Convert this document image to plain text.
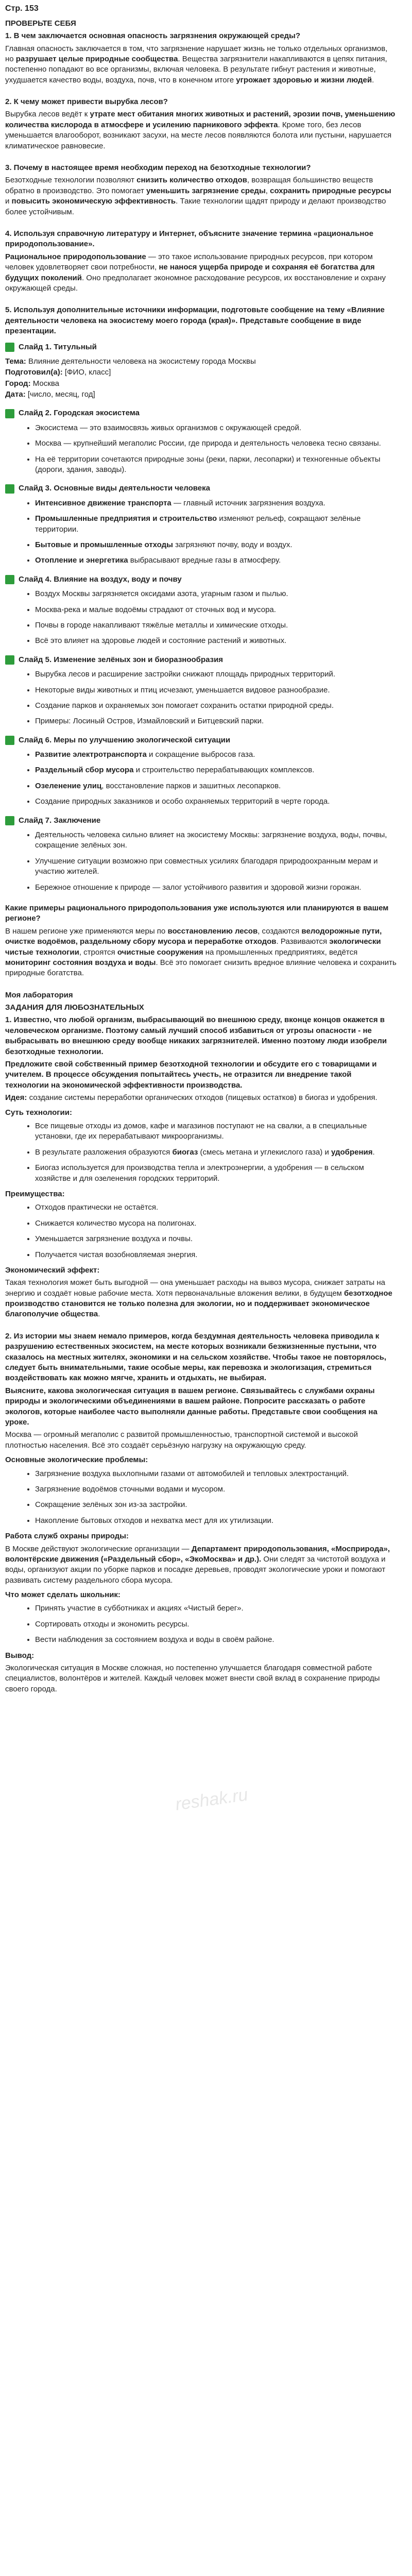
Стр. 153
ПРОВЕРЬТЕ СЕБЯ
1. В чем заключается основная опасность загрязнения окружающей среды?
Главная опасность заключается в том, что загрязнение нарушает жизнь не только отдельных организмов, но разрушает целые природные сообщества. Вещества загрязнители накапливаются в цепях питания, постепенно попадают во все организмы, включая человека. В результате гибнут растения и животные, ухудшается качество воды, воздуха, почв, что в конечном итоге угрожает здоровью и жизни людей.
2. К чему может привести вырубка лесов?
Вырубка лесов ведёт к утрате мест обитания многих животных и растений, эрозии почв, уменьшению количества кислорода в атмосфере и усилению парникового эффекта. Кроме того, без лесов уменьшается влагооборот, возникают засухи, на месте лесов появляются болота или пустыни, нарушается климатическое равновесие.
3. Почему в настоящее время необходим переход на безотходные технологии?
Безотходные технологии позволяют снизить количество отходов, возвращая большинство веществ обратно в производство. Это помогает уменьшить загрязнение среды, сохранить природные ресурсы и повысить экономическую эффективность. Такие технологии щадят природу и делают производство более устойчивым.
4. Используя справочную литературу и Интернет, объясните значение термина «рациональное природопользование».
Рациональное природопользование — это такое использование природных ресурсов, при котором человек удовлетворяет свои потребности, не нанося ущерба природе и сохраняя её богатства для будущих поколений. Оно предполагает экономное расходование ресурсов, их восстановление и охрану окружающей среды.
5. Используя дополнительные источники информации, подготовьте сообщение на тему «Влияние деятельности человека на экосистему моего города (края)». Представьте сообщение в виде презентации.
Слайд 1. Титульный
Тема: Влияние деятельности человека на экосистему города Москвы
Подготовил(а): [ФИО, класс]
Город: Москва
Дата: [число, месяц, год]
Слайд 2. Городская экосистема
• Экосистема — это взаимосвязь живых организмов с окружающей средой.
• Москва — крупнейший мегаполис России, где природа и деятельность человека тесно связаны.
• На её территории сочетаются природные зоны (реки, парки, лесопарки) и техногенные объекты (дороги, здания, заводы).
Слайд 3. Основные виды деятельности человека
• Интенсивное движение транспорта — главный источник загрязнения воздуха.
• Промышленные предприятия и строительство изменяют рельеф, сокращают зелёные территории.
• Бытовые и промышленные отходы загрязняют почву, воду и воздух.
• Отопление и энергетика выбрасывают вредные газы в атмосферу.
Слайд 4. Влияние на воздух, воду и почву
• Воздух Москвы загрязняется оксидами азота, угарным газом и пылью.
• Москва-река и малые водоёмы страдают от сточных вод и мусора.
• Почвы в городе накапливают тяжёлые металлы и химические отходы.
• Всё это влияет на здоровье людей и состояние растений и животных.
Слайд 5. Изменение зелёных зон и биоразнообразия
• Вырубка лесов и расширение застройки снижают площадь природных территорий.
• Некоторые виды животных и птиц исчезают, уменьшается видовое разнообразие.
• Создание парков и охраняемых зон помогает сохранить остатки природной среды.
• Примеры: Лосиный Остров, Измайловский и Битцевский парки.
Слайд 6. Меры по улучшению экологической ситуации
• Развитие электротранспорта и сокращение выбросов газа.
• Раздельный сбор мусора и строительство перерабатывающих комплексов.
• Озеленение улиц, восстановление парков и зашитных лесопарков.
• Создание природных заказников и особо охраняемых территорий в черте города.
Слайд 7. Заключение
• Деятельность человека сильно влияет на экосистему Москвы: загрязнение воздуха, воды, почвы, сокращение зелёных зон.
• Улучшение ситуации возможно при совместных усилиях благодаря природоохранным мерам и участию жителей.
• Бережное отношение к природе — залог устойчивого развития и здоровой жизни горожан.
Какие примеры рационального природопользования уже используются или планируются в вашем регионе?
В нашем регионе уже применяются меры по восстановлению лесов, создаются велодорожные пути, очистке водоёмов, раздельному сбору мусора и переработке отходов. Развиваются экологически чистые технологии, строятся очистные сооружения на промышленных предприятиях, ведётся мониторинг состояния воздуха и воды. Всё это помогает снизить вредное влияние человека и сохранить природные богатства.
Моя лаборатория
ЗАДАНИЯ ДЛЯ ЛЮБОЗНАТЕЛЬНЫХ
1. Известно, что любой организм, выбрасывающий во внешнюю среду, вконце концов окажется в человеческом организме. Поэтому самый лучший способ избавиться от угрозы опасности - не выбрасывать во внешнюю среду вообще никаких загрязнителей. Именно поэтому люди изобрели безотходные технологии.
Предложите свой собственный пример безотходной технологии и обсудите его с товарищами и учителем. В процессе обсуждения попытайтесь учесть, не отразится ли внедрение такой технологии на экономической эффективности производства.
Идея: создание системы переработки органических отходов (пищевых остатков) в биогаз и удобрения.
Суть технологии:
• Все пищевые отходы из домов, кафе и магазинов поступают не на свалки, а в специальные установки, где их перерабатывают микроорганизмы.
• В результате разложения образуются биогаз (смесь метана и углекислого газа) и удобрения.
• Биогаз используется для производства тепла и электроэнергии, а удобрения — в сельском хозяйстве и для озеленения городских территорий.
Преимущества:
• Отходов практически не остаётся.
• Снижается количество мусора на полигонах.
• Уменьшается загрязнение воздуха и почвы.
• Получается чистая возобновляемая энергия.
Экономический эффект:
Такая технология может быть выгодной — она уменьшает расходы на вывоз мусора, снижает затраты на энергию и создаёт новые рабочие места. Хотя первоначальные вложения велики, в будущем безотходное производство становится не только полезна для экологии, но и поддерживает экономическое благополучие общества.
2. Из истории мы знаем немало примеров, когда бездумная деятельность человека приводила к разрушению естественных экосистем, на месте которых возникали безжизненные пустыни, что сказалось на местных жителях, экономики и на сельском хозяйстве. Чтобы такое не повторялось, следует быть внимательными, такие особые меры, как перевозка и экологизация, стремиться воздействовать как можно мягче, хранить и отдыхать, не выбирая.
Выясните, какова экологическая ситуация в вашем регионе. Связывайтесь с службами охраны природы и экологическими объединениями в вашем районе. Попросите рассказать о работе экологов, которые наиболее часто выполняли данные работы. Представьте свои сообщения на уроке.
Москва — огромный мегаполис с развитой промышленностью, транспортной системой и высокой плотностью населения. Всё это создаёт серьёзную нагрузку на окружающую среду.
Основные экологические проблемы:
• Загрязнение воздуха выхлопными газами от автомобилей и тепловых электростанций.
• Загрязнение водоёмов сточными водами и мусором.
• Сокращение зелёных зон из-за застройки.
• Накопление бытовых отходов и нехватка мест для их утилизации.
Работа служб охраны природы:
В Москве действуют экологические организации — Департамент природопользования, «Мосприрода», волонтёрские движения («Раздельный сбор», «ЭкоМосква» и др.). Они следят за чистотой воздуха и воды, организуют акции по уборке парков и посадке деревьев, проводят экологические уроки и помогают развивать систему раздельного сбора мусора.
Что может сделать школьник:
• Принять участие в субботниках и акциях «Чистый берег».
• Сортировать отходы и экономить ресурсы.
• Вести наблюдения за состоянием воздуха и воды в своём районе.
Вывод:
Экологическая ситуация в Москве сложная, но постепенно улучшается благодаря совместной работе специалистов, волонтёров и жителей. Каждый человек может внести свой вклад в сохранение природы своего города.
reshak.ru
